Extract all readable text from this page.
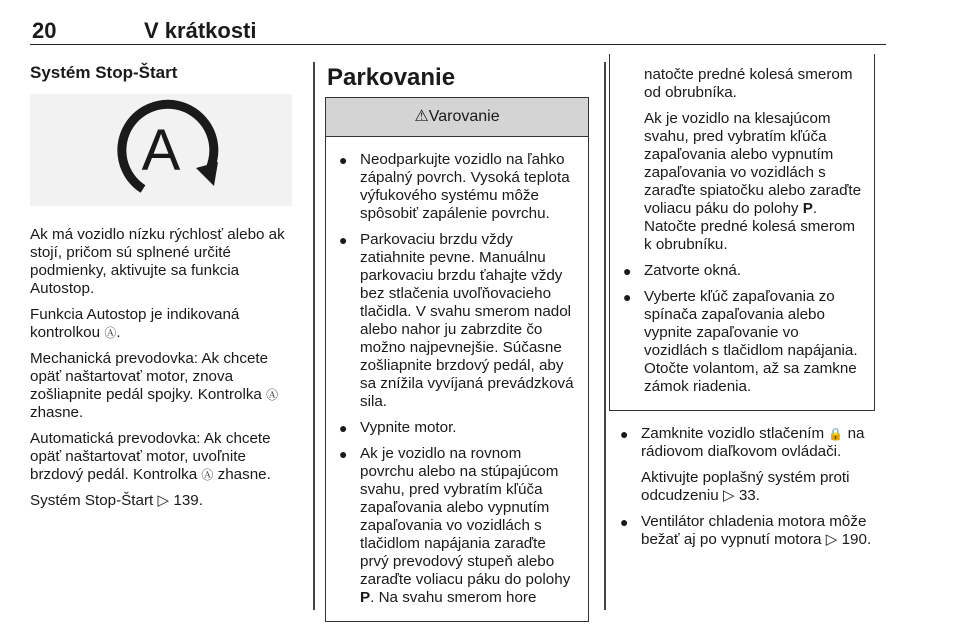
20	V krátkosti
Systém Stop-Štart
A

Ak má vozidlo nízku rýchlosť alebo ak stojí, pričom sú splnené určité podmienky, aktivujte sa funkcia Autostop.

Funkcia Autostop je indikovaná kontrolkou Ⓐ.

Mechanická prevodovka: Ak chcete opäť naštartovať motor, znova zošliapnite pedál spojky. Kontrolka Ⓐ zhasne.

Automatická prevodovka: Ak chcete opäť naštartovať motor, uvoľnite brzdový pedál. Kontrolka Ⓐ zhasne.

Systém Stop-Štart ▷ 139.

Parkovanie
⚠Varovanie
● Neodparkujte vozidlo na ľahko zápalný povrch. Vysoká teplota výfukového systému môže spôsobiť zapálenie povrchu.
● Parkovaciu brzdu vždy zatiahnite pevne. Manuálnu parkovaciu brzdu ťahajte vždy bez stlačenia uvoľňovacieho tlačidla. V svahu smerom nadol alebo nahor ju zabrzdite čo možno najpevnejšie. Súčasne zošliapnite brzdový pedál, aby sa znížila vyvíjaná prevádzková sila.
● Vypnite motor.
● Ak je vozidlo na rovnom povrchu alebo na stúpajúcom svahu, pred vybratím kľúča zapaľovania alebo vypnutím zapaľovania vo vozidlách s tlačidlom napájania zaraďte prvý prevodový stupeň alebo zaraďte voliacu páku do polohy P. Na svahu smerom hore
natočte predné kolesá smerom od obrubníka.
Ak je vozidlo na klesajúcom svahu, pred vybratím kľúča zapaľovania alebo vypnutím zapaľovania vo vozidlách s zaraďte spiatočku alebo zaraďte voliacu páku do polohy P. Natočte predné kolesá smerom k obrubníku.
● Zatvorte okná.
● Vyberte kľúč zapaľovania zo spínača zapaľovania alebo vypnite zapaľovanie vo vozidlách s tlačidlom napájania. Otočte volantom, až sa zamkne zámok riadenia.
● Zamknite vozidlo stlačením 🔒 na rádiovom diaľkovom ovládači.
Aktivujte poplašný systém proti odcudzeniu ▷ 33.
● Ventilátor chladenia motora môže bežať aj po vypnutí motora ▷ 190.
